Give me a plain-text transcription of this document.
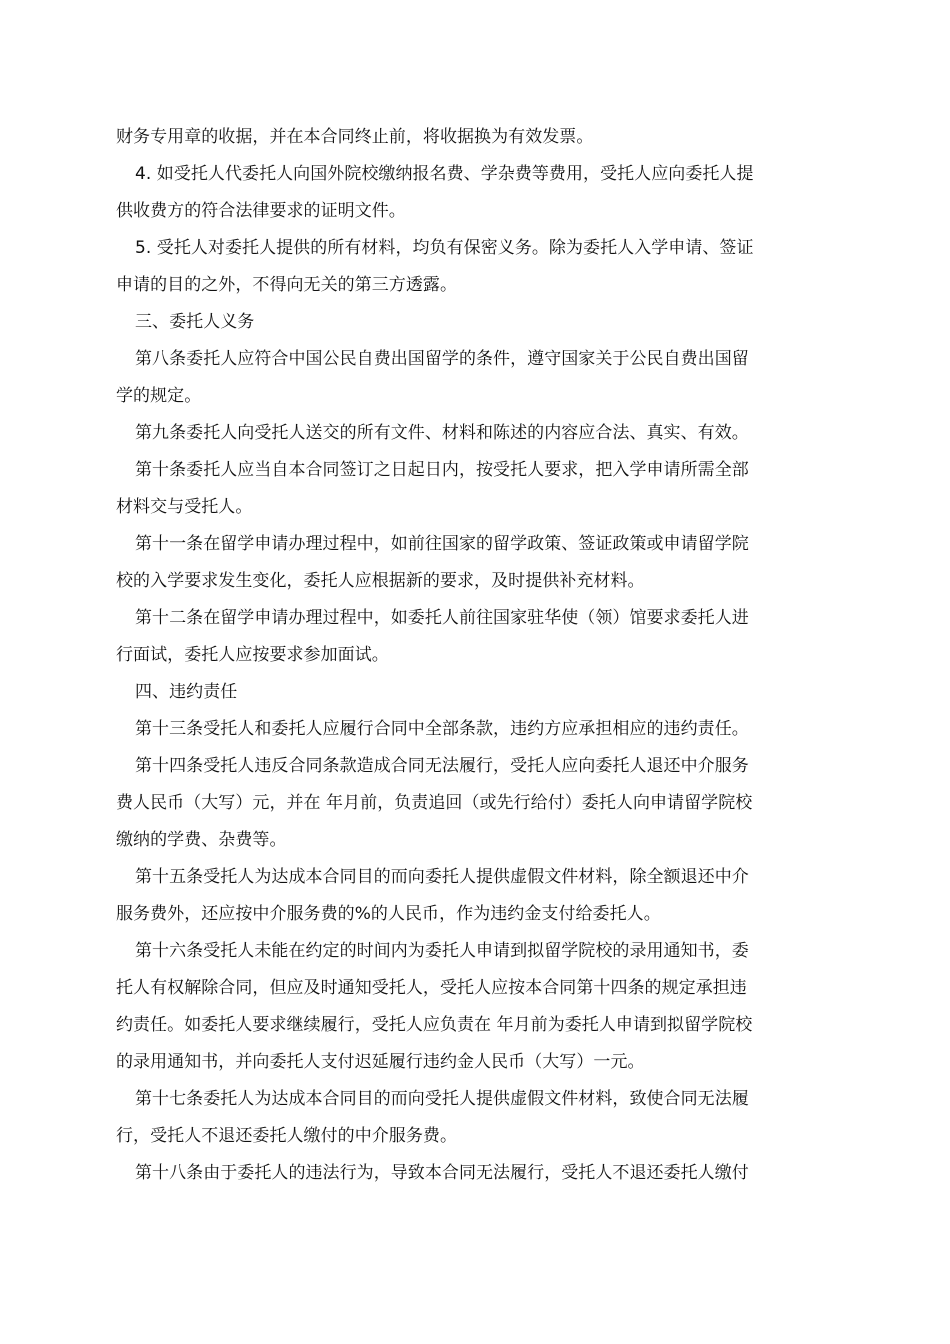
财务专用章的收据，并在本合同终止前，将收据换为有效发票。
4. 如受托人代委托人向国外院校缴纳报名费、学杂费等费用，受托人应向委托人提
供收费方的符合法律要求的证明文件。
5. 受托人对委托人提供的所有材料，均负有保密义务。除为委托人入学申请、签证
申请的目的之外，不得向无关的第三方透露。
三、委托人义务
第八条委托人应符合中国公民自费出国留学的条件，遵守国家关于公民自费出国留
学的规定。
第九条委托人向受托人送交的所有文件、材料和陈述的内容应合法、真实、有效。
第十条委托人应当自本合同签订之日起日内，按受托人要求，把入学申请所需全部
材料交与受托人。
第十一条在留学申请办理过程中，如前往国家的留学政策、签证政策或申请留学院
校的入学要求发生变化，委托人应根据新的要求，及时提供补充材料。
第十二条在留学申请办理过程中，如委托人前往国家驻华使（领）馆要求委托人进
行面试，委托人应按要求参加面试。
四、违约责任
第十三条受托人和委托人应履行合同中全部条款，违约方应承担相应的违约责任。
第十四条受托人违反合同条款造成合同无法履行，受托人应向委托人退还中介服务
费人民币（大写）元，并在 年月前，负责追回（或先行给付）委托人向申请留学院校
缴纳的学费、杂费等。
第十五条受托人为达成本合同目的而向委托人提供虚假文件材料，除全额退还中介
服务费外，还应按中介服务费的%的人民币，作为违约金支付给委托人。
第十六条受托人未能在约定的时间内为委托人申请到拟留学院校的录用通知书，委
托人有权解除合同，但应及时通知受托人，受托人应按本合同第十四条的规定承担违
约责任。如委托人要求继续履行，受托人应负责在 年月前为委托人申请到拟留学院校
的录用通知书，并向委托人支付迟延履行违约金人民币（大写）一元。
第十七条委托人为达成本合同目的而向受托人提供虚假文件材料，致使合同无法履
行，受托人不退还委托人缴付的中介服务费。
第十八条由于委托人的违法行为，导致本合同无法履行，受托人不退还委托人缴付
